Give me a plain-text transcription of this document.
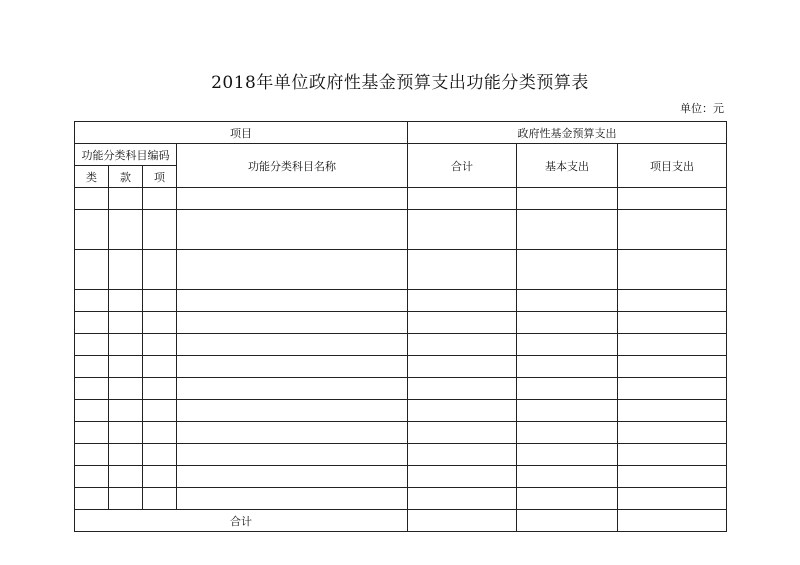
2018年单位政府性基金预算支出功能分类预算表
单位：元
项目				政府性基金预算支出		
功能分类科目编码			功能分类科目名称	合计	基本支出	项目支出
类	款	项				

合计						
